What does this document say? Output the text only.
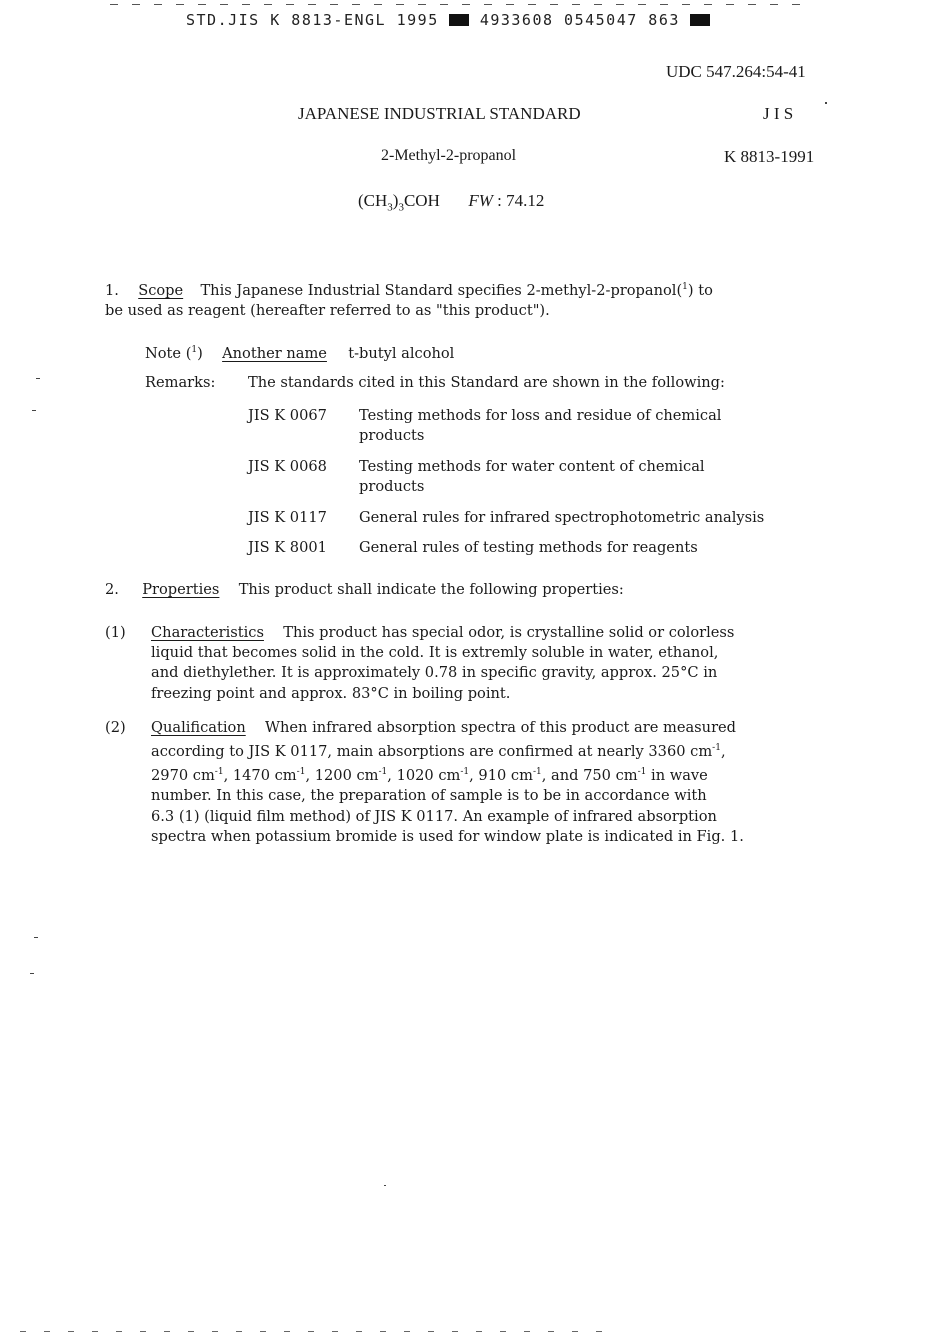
STD.JIS K 8813-ENGL 1995	4933608 0545047 863
UDC 547.264:54-41
JAPANESE INDUSTRIAL STANDARD	J I S
2-Methyl-2-propanol	K 8813-1991
$(CH_3)_3COH$ FW : 74.12
1. Scope This Japanese Industrial Standard specifies 2-methyl-2-propanol($^1$) to
be used as reagent (hereafter referred to as "this product").
Note ($^1$) Another name t-butyl alcohol
Remarks: The standards cited in this Standard are shown in the following:
JIS K 0067 Testing methods for loss and residue of chemical
products
JIS K 0068 Testing methods for water content of chemical
products
JIS K 0117 General rules for infrared spectrophotometric analysis
JIS K 8001 General rules of testing methods for reagents
2. Properties This product shall indicate the following properties:
(1) Characteristics This product has special odor, is crystalline solid or colorless
liquid that becomes solid in the cold. It is extremly soluble in water, ethanol,
and diethylether. It is approximately 0.78 in specific gravity, approx. 25°C in
freezing point and approx. 83°C in boiling point.
(2) Qualification When infrared absorption spectra of this product are measured
according to JIS K 0117, main absorptions are confirmed at nearly 3360 $cm^{-1}$,
2970 $cm^{-1}$, 1470 $cm^{-1}$, 1200 $cm^{-1}$, 1020 $cm^{-1}$, 910 $cm^{-1}$, and 750 $cm^{-1}$ in wave
number. In this case, the preparation of sample is to be in accordance with
6.3 (1) (liquid film method) of JIS K 0117. An example of infrared absorption
spectra when potassium bromide is used for window plate is indicated in Fig. 1.
